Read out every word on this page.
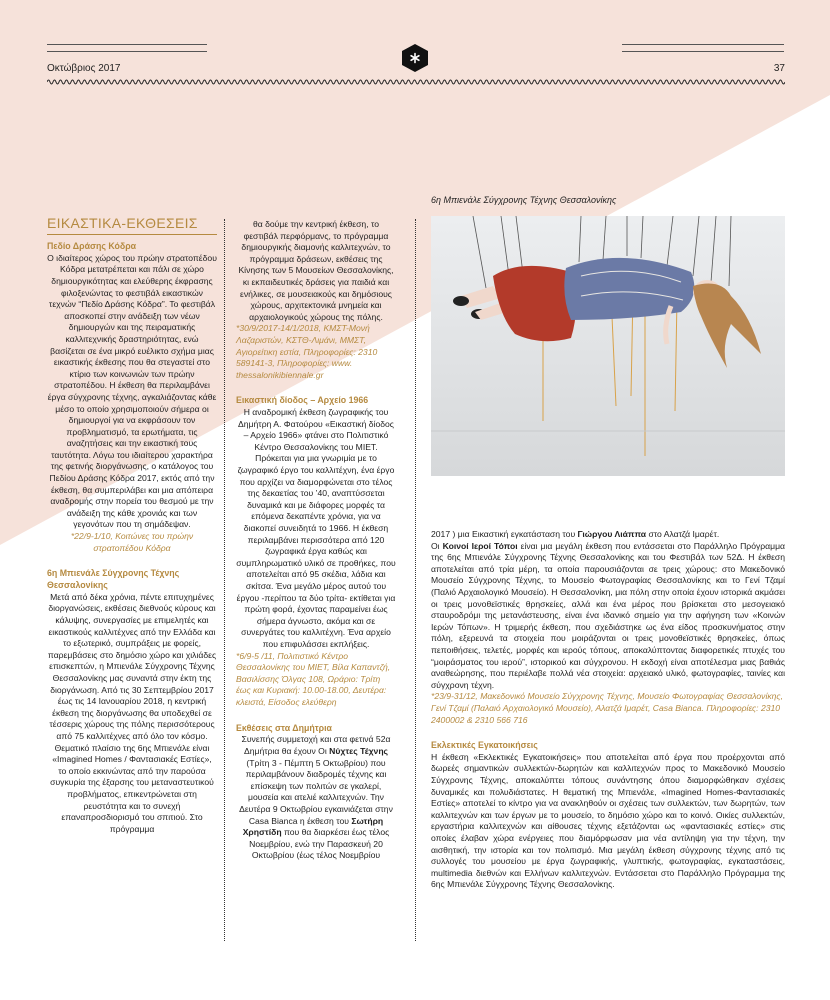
Οκτώβριος 2017	37
ΕΙΚΑΣΤΙΚΑ-ΕΚΘΕΣΕΙΣ
Πεδίο Δράσης Κόδρα

Ο ιδιαίτερος χώρος του πρώην στρατοπέδου Κόδρα μετατρέπεται και πάλι σε χώρο δημιουργικότητας και ελεύθερης έκφρασης φιλοξενώντας το φεστιβάλ εικαστικών τεχνών “Πεδίο Δράσης Κόδρα”. Το φεστιβάλ αποσκοπεί στην ανάδειξη των νέων δημιουργών και της πειραματικής καλλιτεχνικής δραστηριότητας, ενώ βασίζεται σε ένα μικρό ευέλικτο σχήμα μιας εικαστικής έκθεσης που θα στεγαστεί στο κτίριο των κοινωνιών των πρώην στρατοπέδου. Η έκθεση θα περιλαμβάνει έργα σύγχρονης τέχνης, αγκαλιάζοντας κάθε μέσο το οποίο χρησιμοποιούν σήμερα οι δημιουργοί για να εκφράσουν τον προβληματισμό, τα ερωτήματα, τις αναζητήσεις και την εικαστική τους ταυτότητα. Λόγω του ιδιαίτερου χαρακτήρα της φετινής διοργάνωσης, ο κατάλογος του Πεδίου Δράσης Κόδρα 2017, εκτός από την έκθεση, θα συμπεριλάβει και μια απόπειρα αναδρομής στην πορεία του θεσμού με την ανάδειξη της κάθε χρονιάς και των γεγονότων που τη σημάδεψαν.

*22/9-1/10, Κοιτώνες του πρώην στρατοπέδου Κόδρα

6η Μπιενάλε Σύγχρονης Τέχνης Θεσσαλονίκης

Μετά από δέκα χρόνια, πέντε επιτυχημένες διοργανώσεις, εκθέσεις διεθνούς κύρους και κάλυψης, συνεργασίες με επιμελητές και εικαστικούς καλλιτέχνες από την Ελλάδα και το εξωτερικό, συμπράξεις με φορείς, παρεμβάσεις στο δημόσιο χώρο και χιλιάδες επισκεπτών, η Μπιενάλε Σύγχρονης Τέχνης Θεσσαλονίκης μας συναντά στην έκτη της διοργάνωση. Από τις 30 Σεπτεμβρίου 2017 έως τις 14 Ιανουαρίου 2018, η κεντρική έκθεση της διοργάνωσης θα υποδεχθεί σε τέσσερις χώρους της πόλης περισσότερους από 75 καλλιτέχνες από όλο τον κόσμο. Θεματικό πλαίσιο της 6ης Μπιενάλε είναι «Imagined Homes / Φαντασιακές Εστίες», το οποίο εκκινώντας από την παρούσα συγκυρία της έξαρσης του μεταναστευτικού προβλήματος, επικεντρώνεται στη ρευστότητα και το συνεχή επαναπροσδιορισμό του σπιτιού. Στο πρόγραμμα

θα δούμε την κεντρική έκθεση, το φεστιβάλ περφόρμανς, το πρόγραμμα δημιουργικής διαμονής καλλιτεχνών, το πρόγραμμα δράσεων, εκθέσεις της Κίνησης των 5 Μουσείων Θεσσαλονίκης, κι εκπαιδευτικές δράσεις για παιδιά και ενήλικες, σε μουσειακούς και δημόσιους χώρους, αρχιτεκτονικά μνημεία και αρχαιολογικούς χώρους της πόλης.

*30/9/2017-14/1/2018, ΚΜΣΤ-Μονή Λαζαριστών, ΚΣΤΘ-Λιμάνι, ΜΜΣΤ, Αγιορείτικη εστία, Πληροφορίες: 2310 589141-3, Πληροφορίες: www. thessalonikibiennale.gr

Εικαστική δίοδος – Αρχείο 1966

Η αναδρομική έκθεση ζωγραφικής του Δημήτρη Α. Φατούρου «Εικαστική δίοδος – Αρχείο 1966» φτάνει στο Πολιτιστικό Κέντρο Θεσσαλονίκης του ΜΙΕΤ. Πρόκειται για μια γνωριμία με το ζωγραφικό έργο του καλλιτέχνη, ένα έργο που αρχίζει να διαμορφώνεται στο τέλος της δεκαετίας του ’40, αναπτύσσεται δυναμικά και με διάφορες μορφές τα επόμενα δεκαπέντε χρόνια, για να διακοπεί συνειδητά το 1966. Η έκθεση περιλαμβάνει περισσότερα από 120 ζωγραφικά έργα καθώς και συμπληρωματικό υλικό σε προθήκες, που αποτελείται από 95 σκέδια, λάδια και σκίτσα. Ένα μεγάλο μέρος αυτού του έργου -περίπου τα δύο τρίτα- εκτίθεται για πρώτη φορά, έχοντας παραμείνει έως σήμερα άγνωστο, ακόμα και σε συνεργάτες του καλλιτέχνη. Ένα αρχείο που επιφυλάσσει εκπλήξεις.

*6/9-5 /11, Πολιτιστικό Κέντρο Θεσσαλονίκης του ΜΙΕΤ, Βίλα Καπαντζή, Βασιλίσσης Όλγας 108, Ωράριο: Τρίτη έως και Κυριακή: 10.00-18.00, Δευτέρα: κλειστά, Είσοδος ελεύθερη

Εκθέσεις στα Δημήτρια

Συνεπής συμμετοχή και στα φετινά 52α Δημήτρια θα έχουν Οι Νύχτες Τέχνης (Τρίτη 3 - Πέμπτη 5 Οκτωβρίου) που περιλαμβάνουν διαδρομές τέχνης και επίσκεψη των πολιτών σε γκαλερί, μουσεία και ατελιέ καλλιτεχνών. Την Δευτέρα 9 Οκτωβρίου εγκαινιάζεται στην Casa Bianca η έκθεση του Σωτήρη Χρηστίδη που θα διαρκέσει έως τέλος Νοεμβρίου, ενώ την Παρασκευή 20 Οκτωβρίου (έως τέλος Νοεμβρίου

6η Μπιενάλε Σύγχρονης Τέχνης Θεσσαλονίκης

2017 ) μια Εικαστική εγκατάσταση του Γιώργου Λιάππα στο Αλατζά Ιμαρέτ.

Οι Κοινοί Ιεροί Τόποι είναι μια μεγάλη έκθεση που εντάσσεται στο Παράλληλο Πρόγραμμα της 6ης Μπιενάλε Σύγχρονης Τέχνης Θεσσαλονίκης και του Φεστιβάλ των 52Δ. Η έκθεση αποτελείται από τρία μέρη, τα οποία παρουσιάζονται σε τρεις χώρους: στο Μακεδονικό Μουσείο Σύγχρονης Τέχνης, το Μουσείο Φωτογραφίας Θεσσαλονίκης και το Γενί Τζαμί (Παλιό Αρχαιολογικό Μουσείο). Η Θεσσαλονίκη, μια πόλη στην οποία έχουν ιστορικά ακμάσει οι τρεις μονοθεϊστικές θρησκείες, αλλά και ένα μέρος που βρίσκεται στο μεσογειακό σταυροδρόμι της μετανάστευσης, είναι ένα ιδανικό σημείο για την αφήγηση των «Κοινών Ιερών Τόπων». Η τριμερής έκθεση, που σχεδιάστηκε ως ένα είδος προσκυνήματος στην πόλη, εξερευνά τα στοιχεία που μοιράζονται οι τρεις μονοθεϊστικές θρησκείες, όπως πεποιθήσεις, τελετές, μορφές και ιερούς τόπους, αποκαλύπτοντας διαφορετικές πτυχές του “μοιράσματος του ιερού”, ιστορικού και σύγχρονου. Η εκδοχή είναι αποτέλεσμα μιας βαθιάς αναθεώρησης, που περιέλαβε πολλά νέα στοιχεία: αρχειακό υλικό, φωτογραφίες, ταινίες και σύγχρονη τέχνη.

*23/9-31/12, Μακεδονικό Μουσείο Σύγχρονης Τέχνης, Μουσείο Φωτογραφίας Θεσσαλονίκης, Γενί Τζαμί (Παλαιό Αρχαιολογικό Μουσείο), Αλατζά Ιμαρέτ, Casa Bianca. Πληροφορίες: 2310 2400002 & 2310 566 716

Εκλεκτικές Εγκατοικήσεις

Η έκθεση «Εκλεκτικές Εγκατοικήσεις» που αποτελείται από έργα που προέρχονται από δωρεές σημαντικών συλλεκτών-δωρητών και καλλιτεχνών προς το Μακεδονικό Μουσείο Σύγχρονης Τέχνης, αποκαλύπτει τόπους συνάντησης όπου διαμορφώθηκαν σχέσεις δυναμικές και πολυδιάστατες. Η θεματική της Μπιενάλε, «Imagined Homes-Φαντασιακές Εστίες» αποτελεί το κίντρο για να ανακληθούν οι σχέσεις των συλλεκτών, των δωρητών, των καλλιτεχνών και των έργων με το μουσείο, το δημόσιο χώρο και το κοινό. Οικίες συλλεκτών, εργαστήρια καλλιτεχνών και αίθουσες τέχνης εξετάζονται ως «φαντασιακές εστίες» στις οποίες έλαβαν χώρα ενέργειες που διαμόρφωσαν μια νέα αντίληψη για την τέχνη, την αισθητική, την ιστορία και τον πολιτισμό. Μια μεγάλη έκθεση σύγχρονης τέχνης από τις συλλογές του μουσείου με έργα ζωγραφικής, γλυπτικής, φωτογραφίας, εγκαταστάσεις, multimedia διεθνών και Ελλήνων καλλιτεχνών. Εντάσσεται στο Παράλληλο Πρόγραμμα της 6ης Μπιενάλε Σύγχρονης Τέχνης Θεσσαλονίκης.
